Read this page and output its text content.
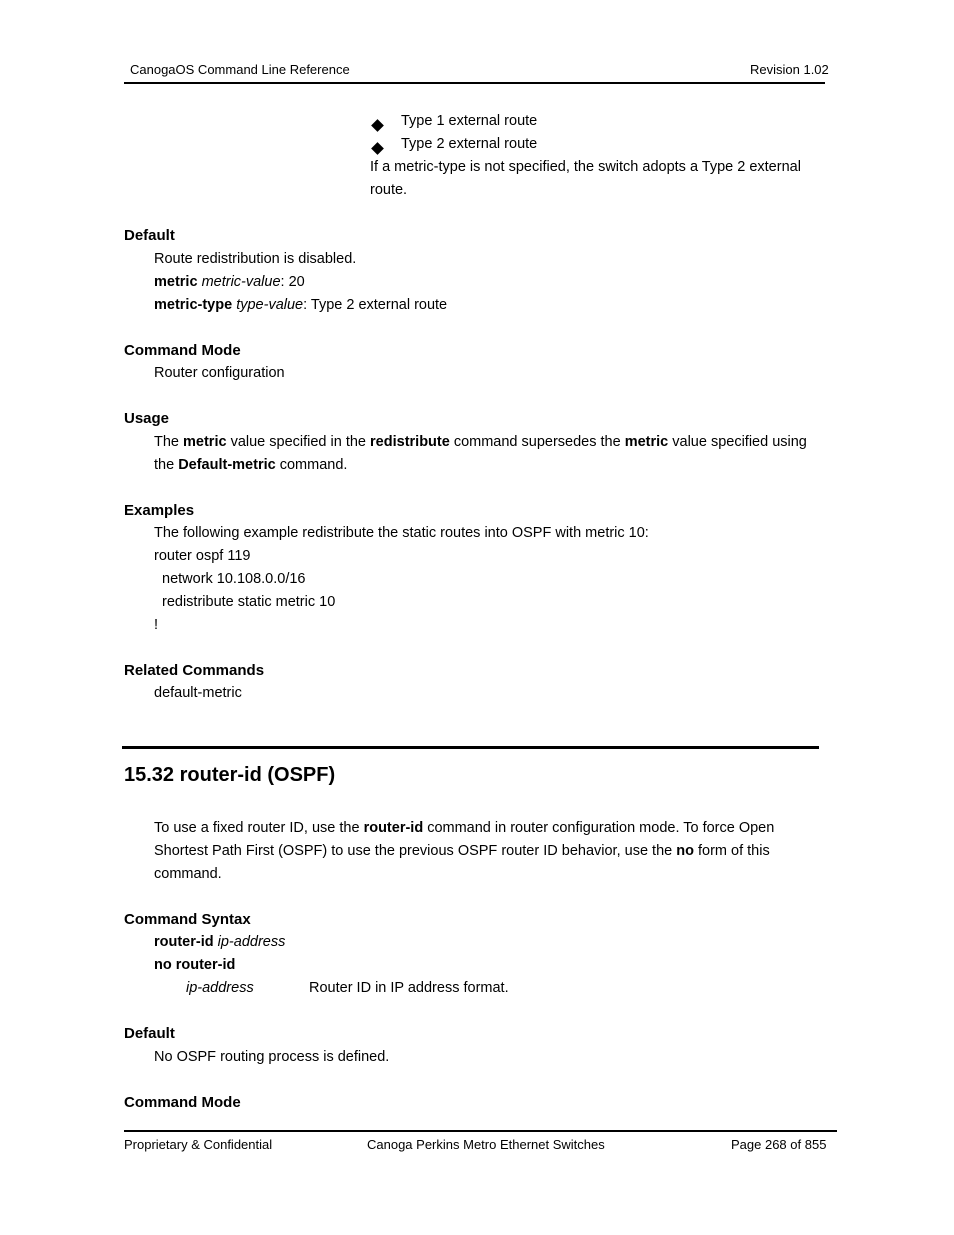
CanogaOS Command Line Reference	Revision 1.02
Type 1 external route
Type 2 external route
If a metric-type is not specified, the switch adopts a Type 2 external
route.
Default
Route redistribution is disabled.
metric metric-value: 20
metric-type type-value: Type 2 external route
Command Mode
Router configuration
Usage
The metric value specified in the redistribute command supersedes the metric value specified using
the Default-metric command.
Examples
The following example redistribute the static routes into OSPF with metric 10:
router ospf 119
network 10.108.0.0/16
redistribute static metric 10
!
Related Commands
default-metric
15.32 router-id (OSPF)
To use a fixed router ID, use the router-id command in router configuration mode. To force Open
Shortest Path First (OSPF) to use the previous OSPF router ID behavior, use the no form of this
command.
Command Syntax
router-id ip-address
no router-id
ip-address	Router ID in IP address format.
Default
No OSPF routing process is defined.
Command Mode
Proprietary & Confidential	Canoga Perkins Metro Ethernet Switches	Page 268 of 855
